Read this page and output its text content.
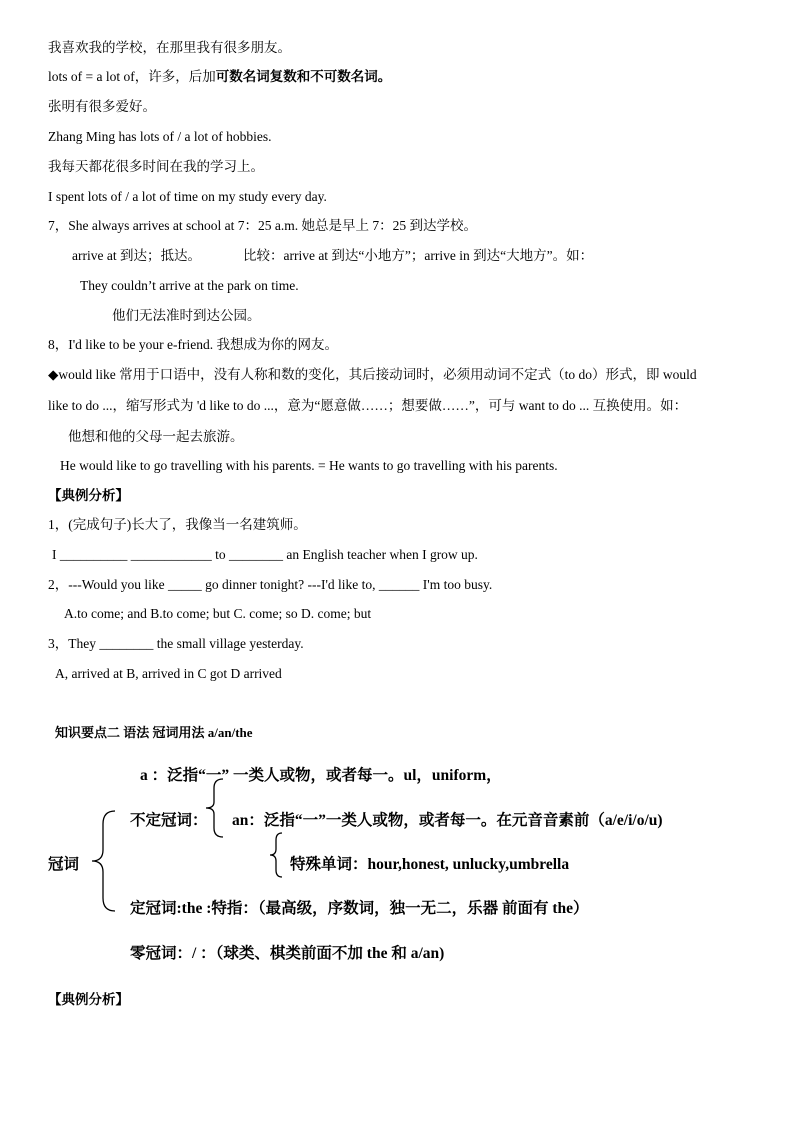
我喜欢我的学校，在那里我有很多朋友。
lots of = a lot of，许多，后加可数名词复数和不可数名词。
张明有很多爱好。
Zhang Ming has lots of / a lot of hobbies.
我每天都花很多时间在我的学习上。
I spent lots of / a lot of time on my study every day.
7，She always arrives at school at 7：25 a.m. 她总是早上 7：25 到达学校。
arrive at 到达；抵达。	比较：arrive at 到达“小地方”；arrive in 到达“大地方”。如：
They couldn’t arrive at the park on time.
他们无法准时到达公园。
8，I'd like to be your e-friend. 我想成为你的网友。
◆would like 常用于口语中，没有人称和数的变化，其后接动词时，必须用动词不定式（to do）形式，即 would
like to do ...，缩写形式为 'd like to do ...，意为“愿意做……；想要做……”，可与 want to do ... 互换使用。如：
他想和他的父母一起去旅游。
He would like to go travelling with his parents. = He wants to go travelling with his parents.
【典例分析】
1，(完成句子)长大了，我像当一名建筑师。
I __________ ____________ to ________ an English teacher when I grow up.
2，---Would you like _____ go dinner tonight? ---I'd like to, ______ I'm too busy.
A.to come; and B.to come; but C. come; so D. come; but
3，They ________ the small village yesterday.
A, arrived at B, arrived in C got D arrived
知识要点二 语法 冠词用法 a/an/the
a ：泛指“一” 一类人或物，或者每一。ul，uniform，
不定冠词： an：泛指“一”一类人或物，或者每一。在元音音素前（a/e/i/o/u)
特殊单词：hour,honest, unlucky,umbrella
冠词
定冠词:the :特指：（最高级，序数词，独一无二，乐器 前面有 the）
零冠词：/ ：（球类、棋类前面不加 the 和 a/an)
【典例分析】
